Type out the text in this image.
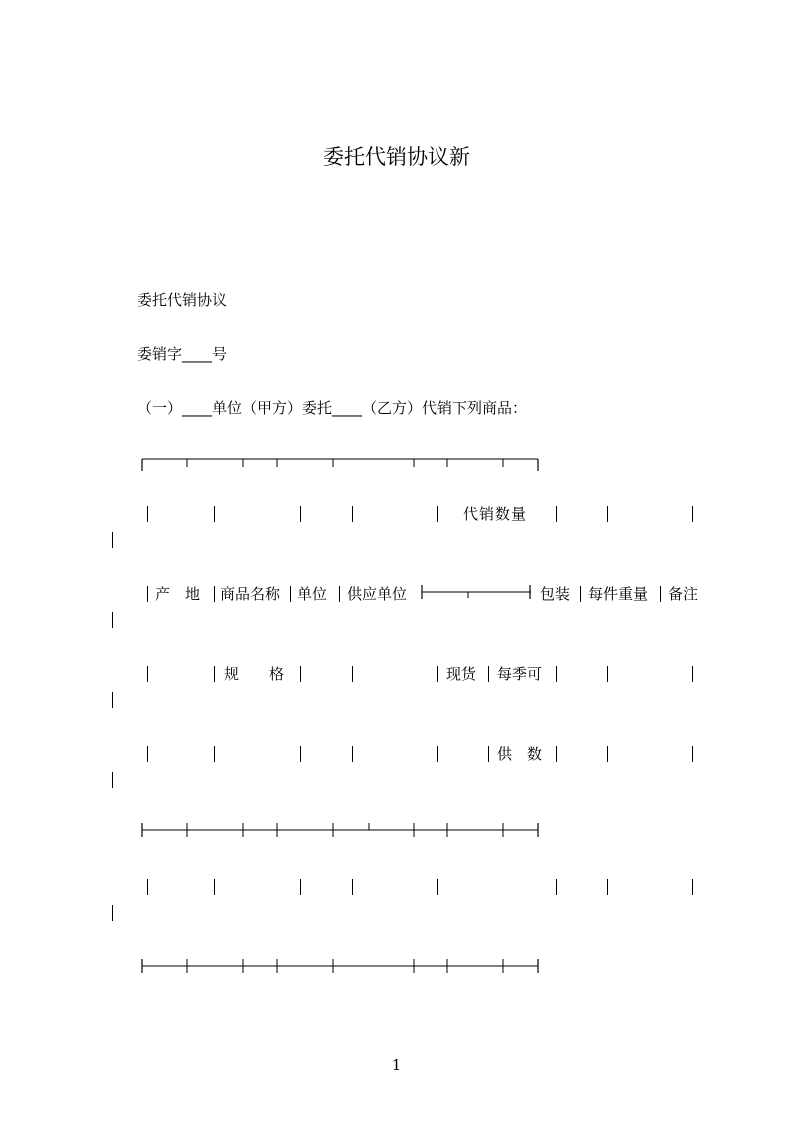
委托代销协议新

委托代销协议

委销字____号

（一）____单位（甲方）委托____（乙方）代销下列商品：

代销数量
产　地 商品名称 单位 供应单位	包装 每件重量 备注
规　　格	现货 每季可
供　数
1
